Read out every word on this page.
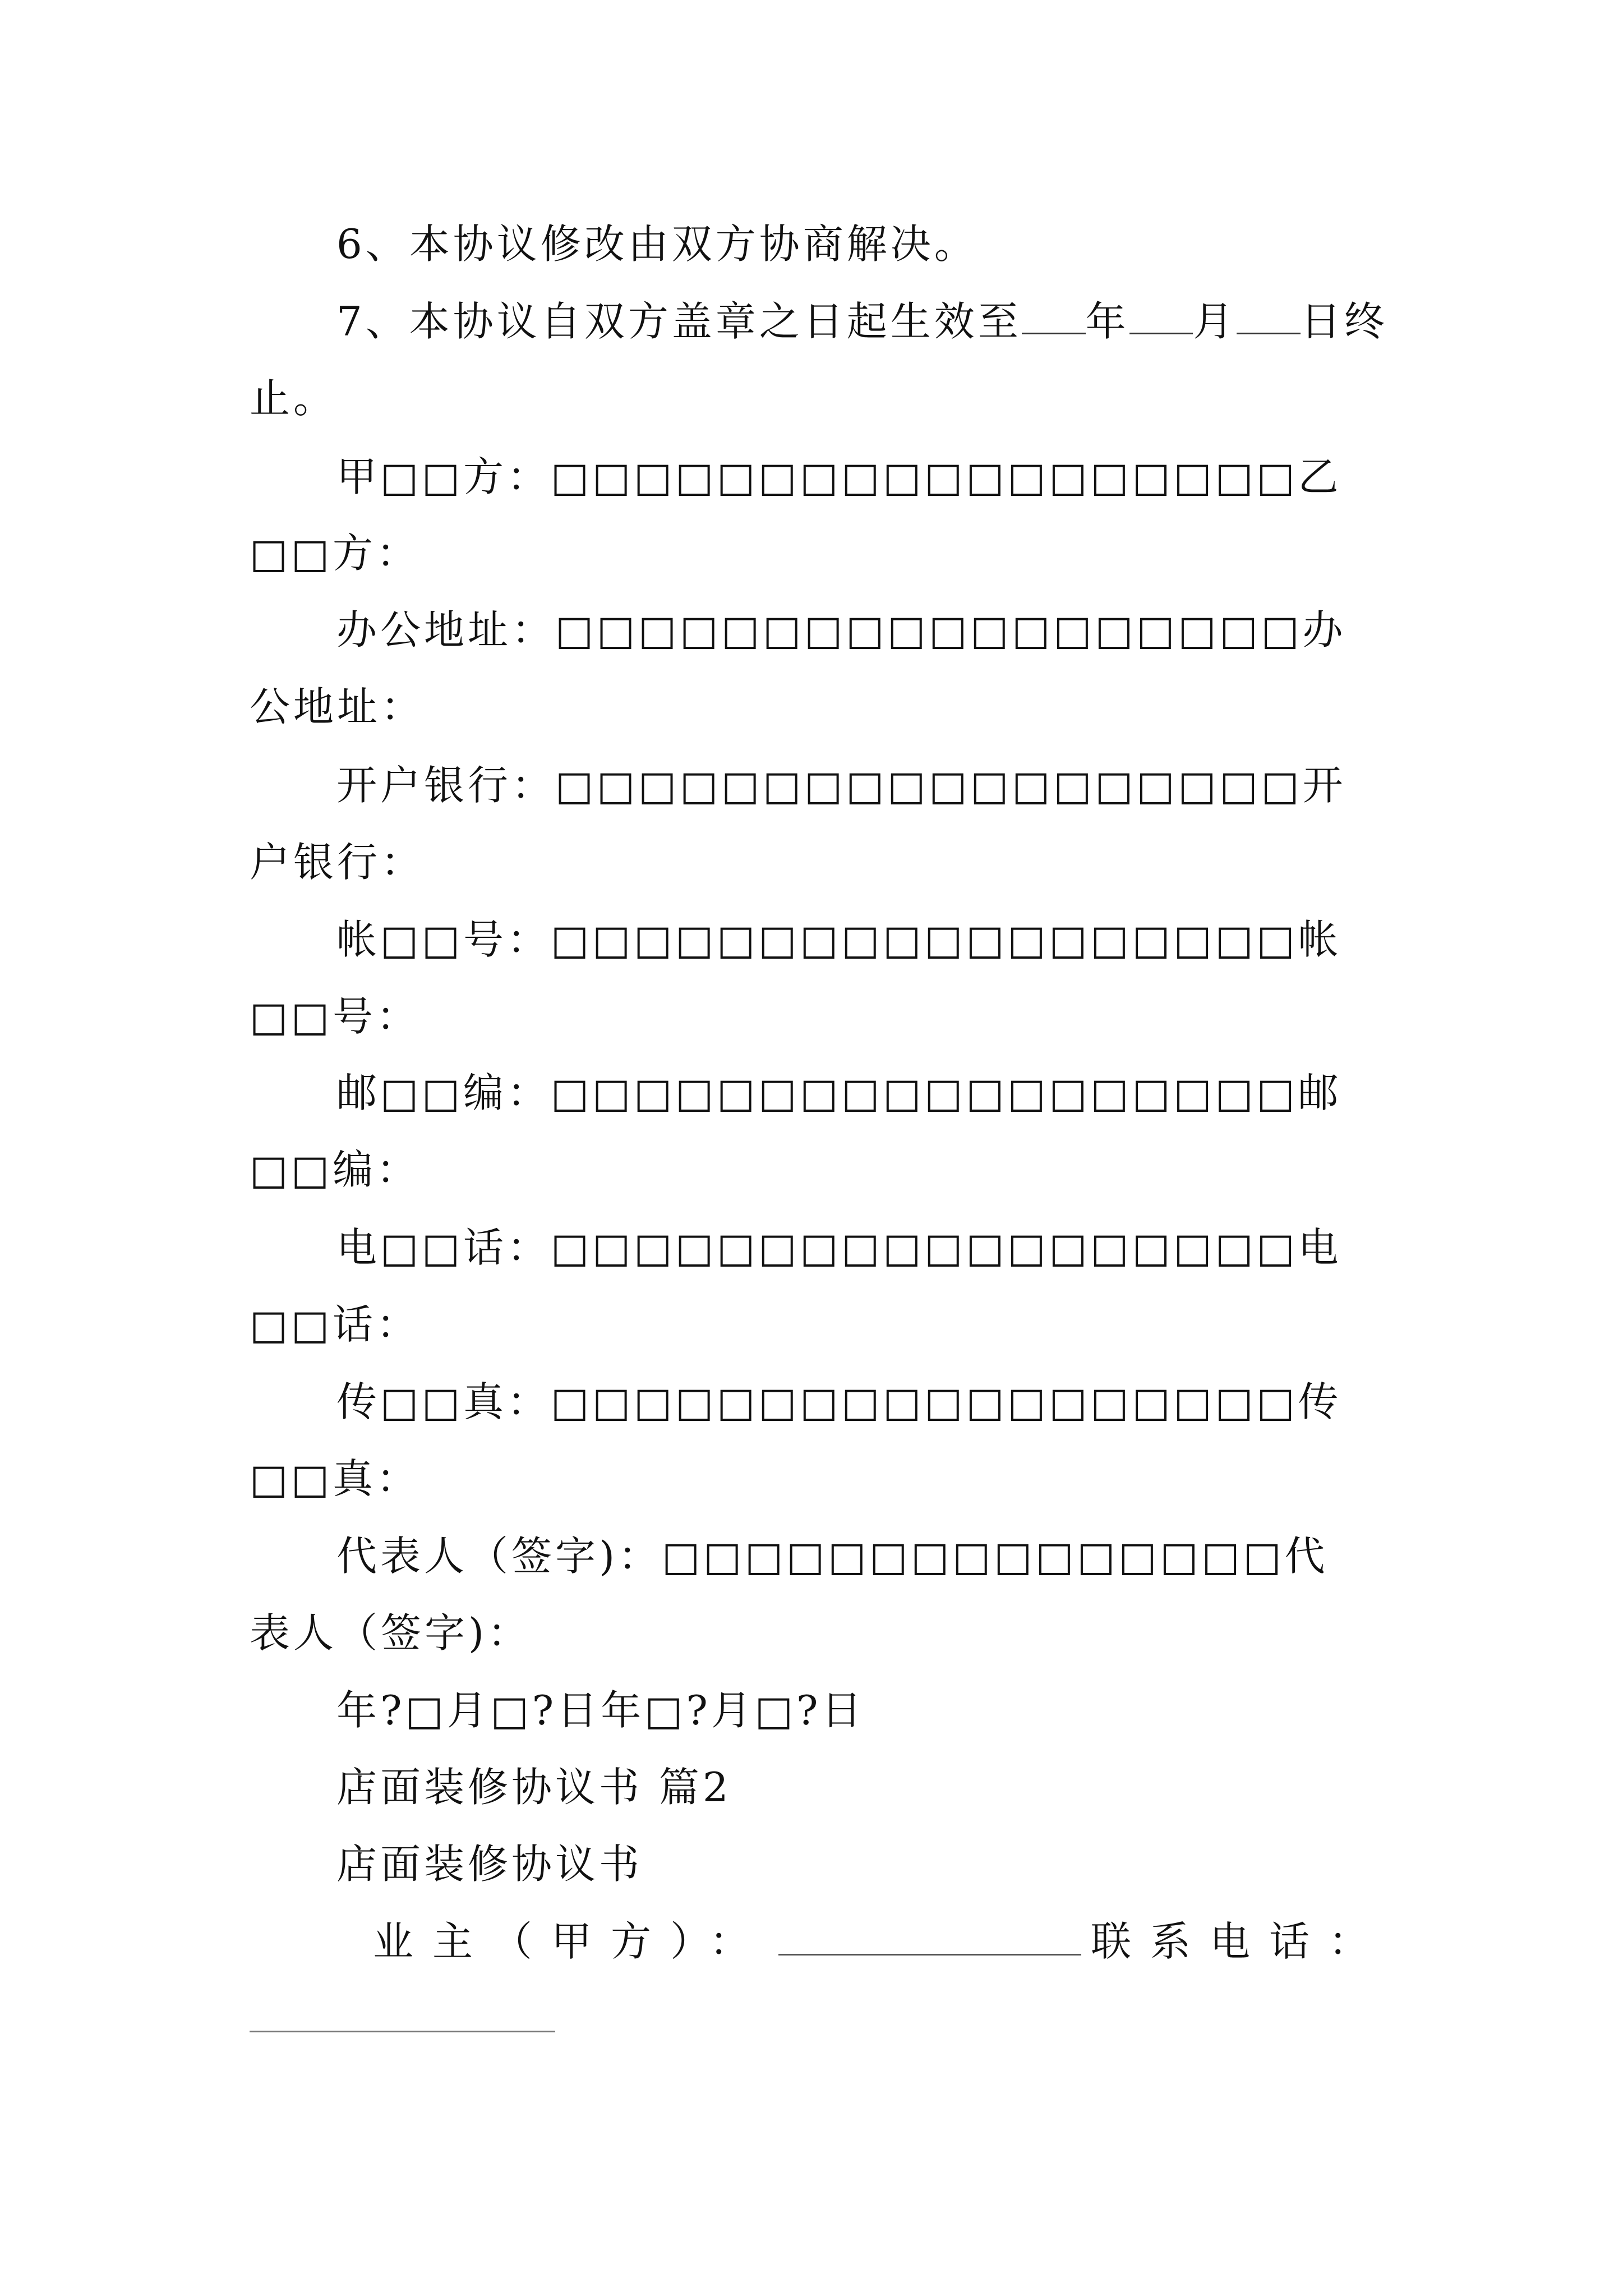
6、本协议修改由双方协商解决。
7、本协议自双方盖章之日起生效至 年 月 日终
止。
甲□□方：□□□□□□□□□□□□□□□□□□乙
□□方：
办公地址：□□□□□□□□□□□□□□□□□□办
公地址：
开户银行：□□□□□□□□□□□□□□□□□□开
户银行：
帐□□号：□□□□□□□□□□□□□□□□□□帐
□□号：
邮□□编：□□□□□□□□□□□□□□□□□□邮
□□编：
电□□话：□□□□□□□□□□□□□□□□□□电
□□话：
传□□真：□□□□□□□□□□□□□□□□□□传
□□真：
代表人（签字)：□□□□□□□□□□□□□□□代
表人（签字)：
年?□月□?日年□?月□?日
店面装修协议书 篇2
店面装修协议书
业主（甲方）：	联系电话：
